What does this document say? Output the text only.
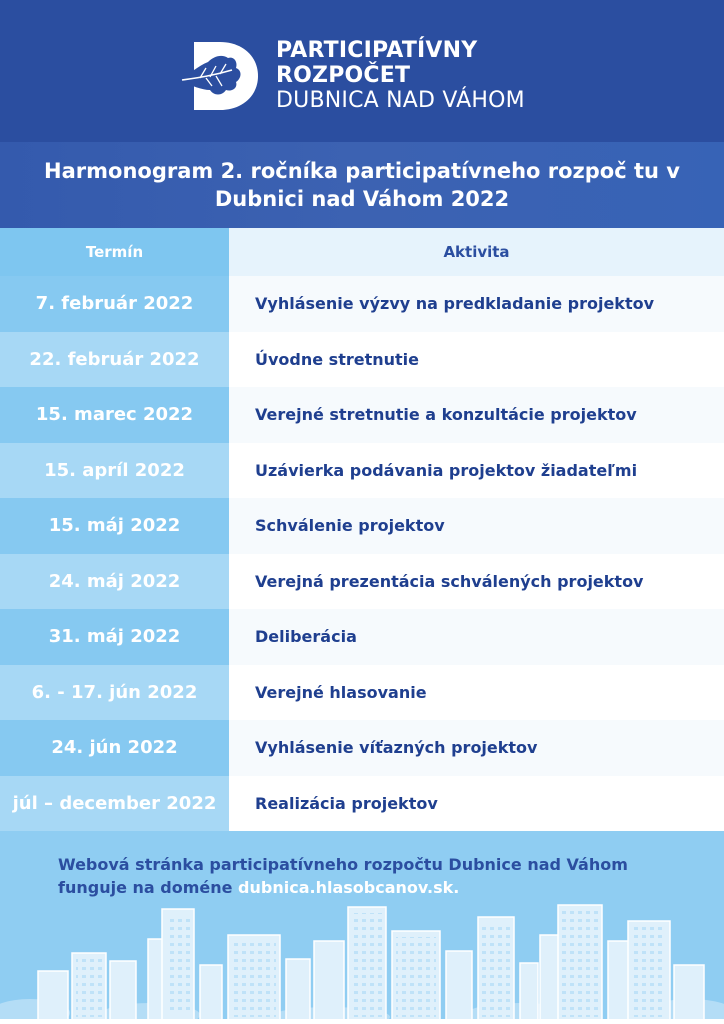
PARTICIPATÍVNY
ROZPOČET
DUBNICA NAD VÁHOM
Harmonogram 2. ročníka participatívneho rozpoč tu v Dubnici nad Váhom 2022
Termín	Aktivita
7. február 2022	Vyhlásenie výzvy na predkladanie projektov
22. február 2022	Úvodne stretnutie
15. marec 2022	Verejné stretnutie a konzultácie projektov
15. apríl 2022	Uzávierka podávania projektov žiadateľmi
15. máj 2022	Schválenie projektov
24. máj 2022	Verejná prezentácia schválených projektov
31. máj 2022	Deliberácia
6. - 17. jún 2022	Verejné hlasovanie
24. jún 2022	Vyhlásenie víťazných projektov
júl – december 2022	Realizácia projektov
Webová stránka participatívneho rozpočtu Dubnice nad Váhom
funguje na doméne dubnica.hlasobcanov.sk.
